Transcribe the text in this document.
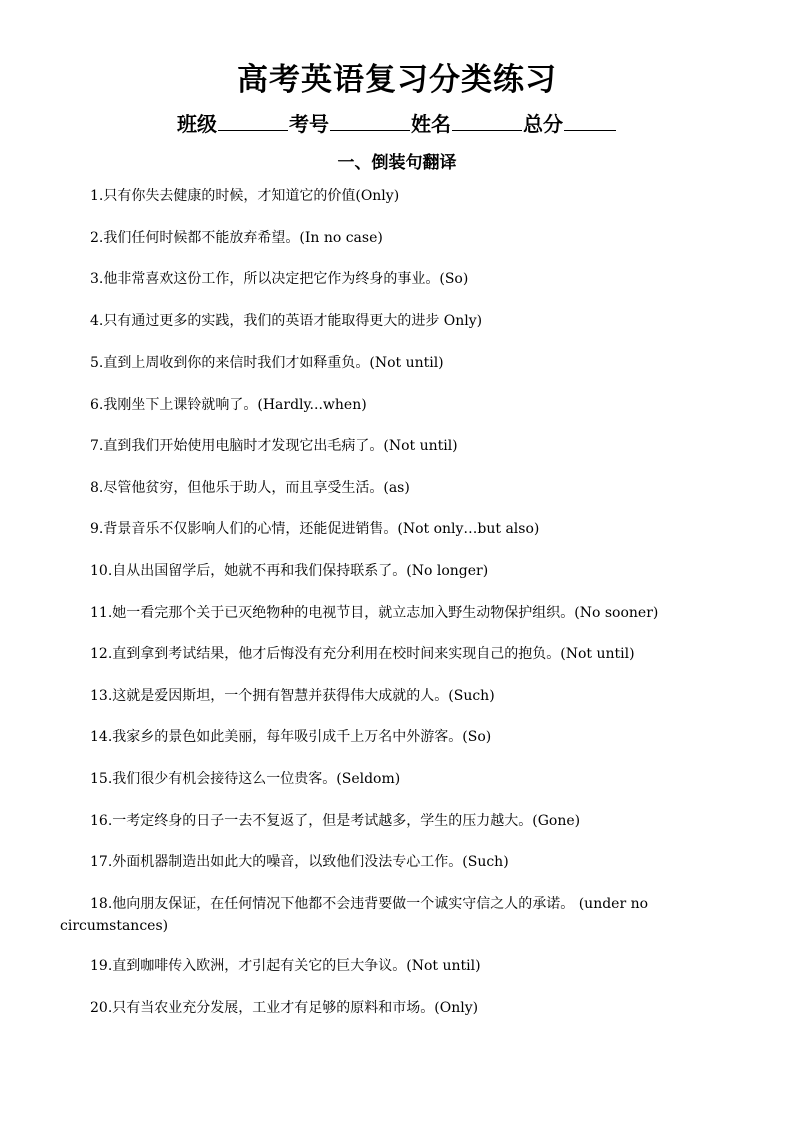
高考英语复习分类练习
班级	考号	姓名	总分
一、倒装句翻译
1.只有你失去健康的时候，才知道它的价值(Only)
2.我们任何时候都不能放弃希望。(In no case)
3.他非常喜欢这份工作，所以决定把它作为终身的事业。(So)
4.只有通过更多的实践，我们的英语才能取得更大的进步 Only)
5.直到上周收到你的来信时我们才如释重负。(Not until)
6.我刚坐下上课铃就响了。(Hardly...when)
7.直到我们开始使用电脑时才发现它出毛病了。(Not until)
8.尽管他贫穷，但他乐于助人，而且享受生活。(as)
9.背景音乐不仅影响人们的心情，还能促进销售。(Not only…but also)
10.自从出国留学后，她就不再和我们保持联系了。(No longer)
11.她一看完那个关于已灭绝物种的电视节目，就立志加入野生动物保护组织。(No sooner)
12.直到拿到考试结果，他才后悔没有充分利用在校时间来实现自己的抱负。(Not until)
13.这就是爱因斯坦，一个拥有智慧并获得伟大成就的人。(Such)
14.我家乡的景色如此美丽，每年吸引成千上万名中外游客。(So)
15.我们很少有机会接待这么一位贵客。(Seldom)
16.一考定终身的日子一去不复返了，但是考试越多，学生的压力越大。(Gone)
17.外面机器制造出如此大的噪音，以致他们没法专心工作。(Such)
18.他向朋友保证，在任何情况下他都不会违背要做一个诚实守信之人的承诺。 (under no circumstances)
19.直到咖啡传入欧洲，才引起有关它的巨大争议。(Not until)
20.只有当农业充分发展，工业才有足够的原料和市场。(Only)
